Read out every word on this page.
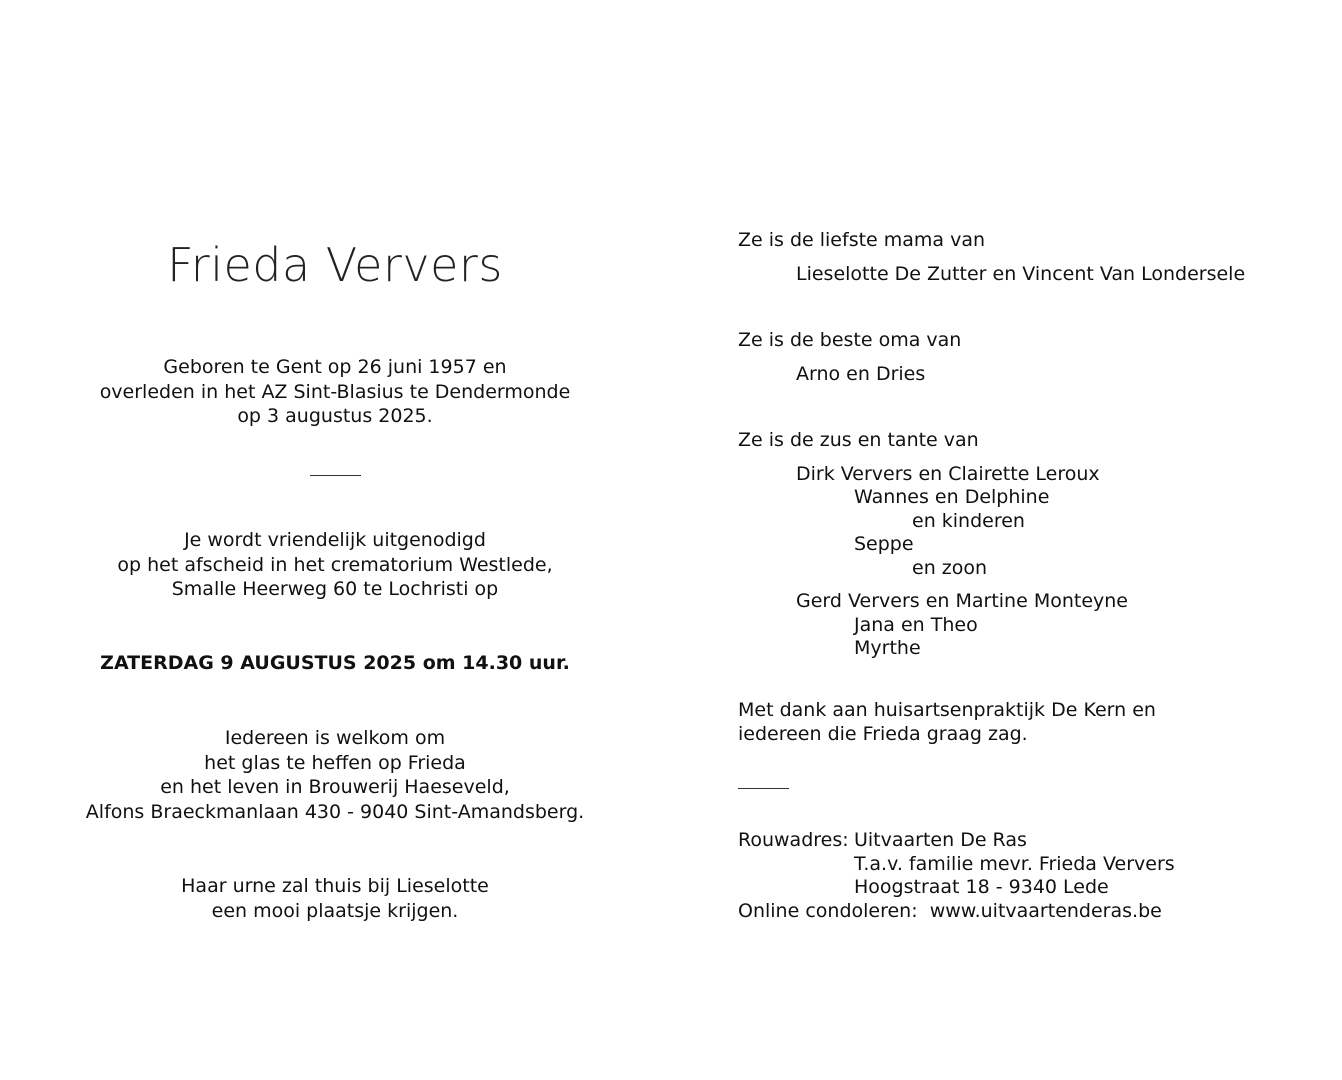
Frieda Ververs
Geboren te Gent op 26 juni 1957 en
overleden in het AZ Sint-Blasius te Dendermonde
op 3 augustus 2025.
Je wordt vriendelijk uitgenodigd
op het afscheid in het crematorium Westlede,
Smalle Heerweg 60 te Lochristi op
ZATERDAG 9 AUGUSTUS 2025 om 14.30 uur.
Iedereen is welkom om
het glas te heffen op Frieda
en het leven in Brouwerij Haeseveld,
Alfons Braeckmanlaan 430 - 9040 Sint-Amandsberg.
Haar urne zal thuis bij Lieselotte
een mooi plaatsje krijgen.
Ze is de liefste mama van
Lieselotte De Zutter en Vincent Van Londersele
Ze is de beste oma van
Arno en Dries
Ze is de zus en tante van
Dirk Ververs en Clairette Leroux
Wannes en Delphine
en kinderen
Seppe
en zoon
Gerd Ververs en Martine Monteyne
Jana en Theo
Myrthe
Met dank aan huisartsenpraktijk De Kern en
iedereen die Frieda graag zag.
Rouwadres: Uitvaarten De Ras
T.a.v. familie mevr. Frieda Ververs
Hoogstraat 18 - 9340 Lede
Online condoleren: www.uitvaartenderas.be
